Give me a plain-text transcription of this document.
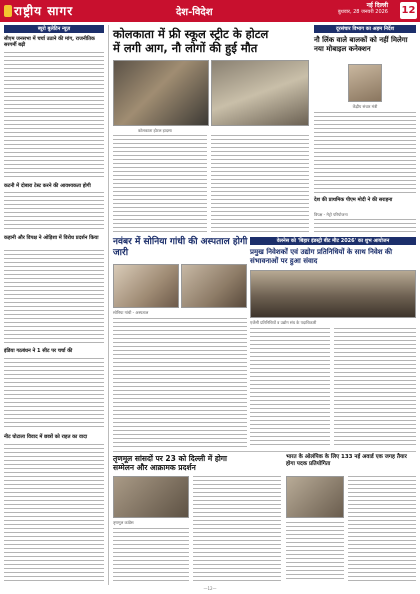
राष्ट्रीय सागर	देश-विदेश
नई दिल्ली
बुधवार, 28 जनवरी 2026 12
ब्यूरो बुलेटिन न्यूज़
सीएम जनसभा में चर्चा उठाने की मांग, राजनीतिक सरगर्मी बढ़ी
कटनी में दोबारा टेस्ट करने की आवश्यकता होगी
कहानी और विपक्ष ने ओड़िशा में विरोध प्रदर्शन किया
इंडिया गठबंधन ने 1 सीट पर चर्चा की
नीट घोटाला विवाद में छात्रों को राहत का वादा
कोलकाता में फ्री स्कूल स्ट्रीट के होटल
में लगी आग, नौ लोगों की हुई मौत
कोलकाता होटल हादसा
नवंबर में सोनिया गांधी की अस्पताल होगी जारी
सोनिया गांधी - अस्पताल
वेलनेस को 'बिहार इंडस्ट्री बीट मीट 2026' का शुभ आयोजन
प्रमुख निवेशकों एवं उद्योग प्रतिनिधियों के साथ निवेश की संभावनाओं पर हुआ संवाद
एजेंसी प्रतिनिधियों व उद्योग संघ के पदाधिकारी
दूरसंचार विभाग का अहम निर्देश
नौ लिंक वाले बालकों को नहीं मिलेगा नया मोबाइल कनेक्शन
केंद्रीय संचार मंत्री
देश की प्राथमिक पीएम मोदी ने की सराहना
विपक्ष - मेट्रो परियोजना
तृणमूल सांसदों पर 23 को दिल्ली में होगा
सम्मेलन और आक्रामक प्रदर्शन
तृणमूल कांग्रेस
भारत के ओलंपिक के लिए 133 नई अवार्ड एक जगह तैयार होगा पदक प्रतियोगिता
—12—
